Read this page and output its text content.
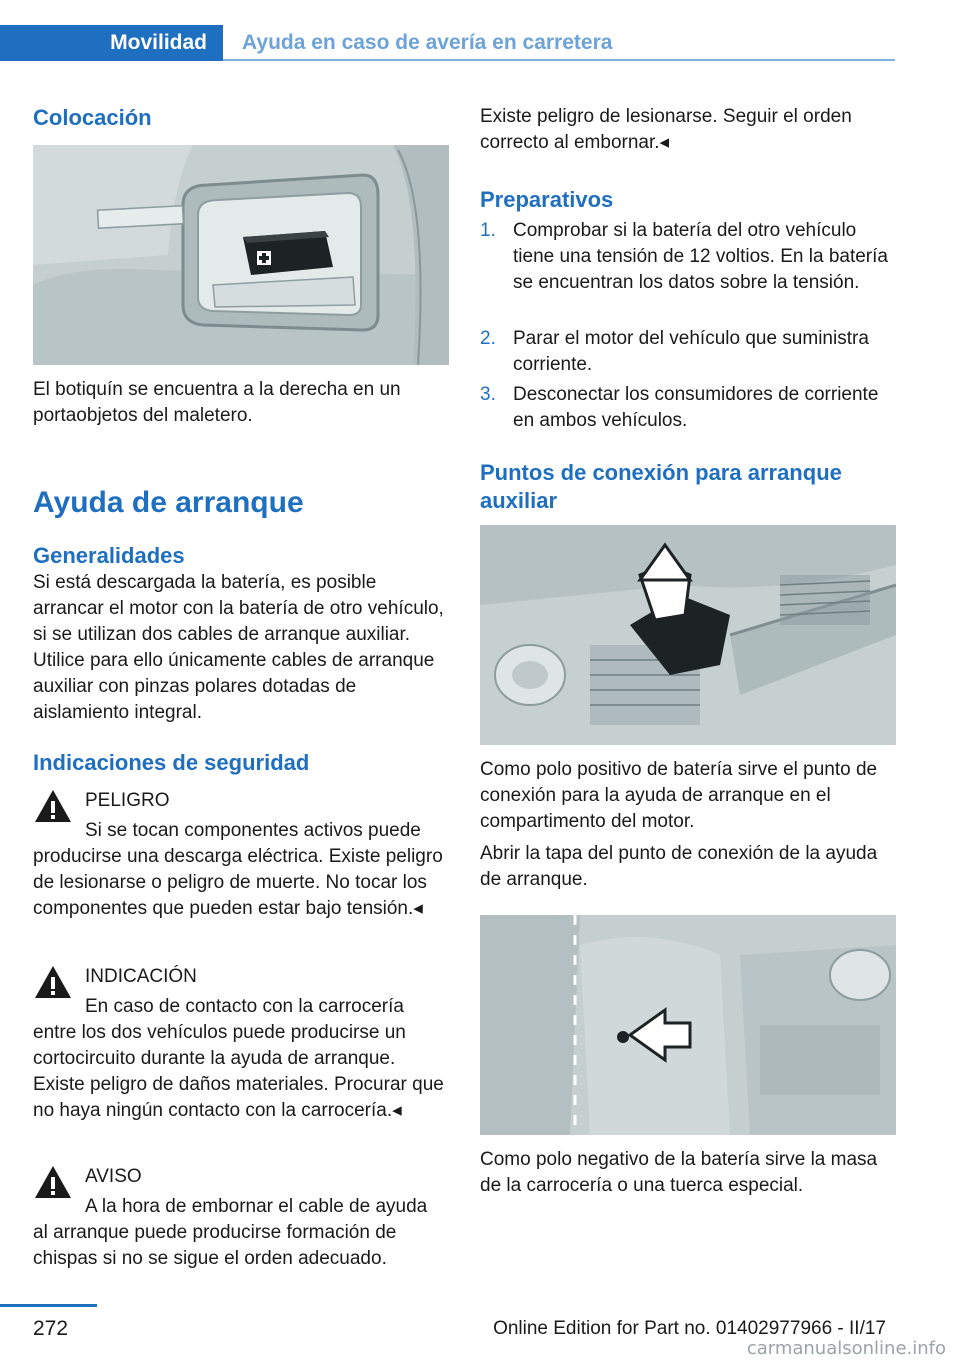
Movilidad	Ayuda en caso de avería en carretera
Colocación
El botiquín se encuentra a la derecha en un portaobjetos del maletero.
Ayuda de arranque
Generalidades
Si está descargada la batería, es posible arrancar el motor con la batería de otro vehículo, si se utilizan dos cables de arranque auxiliar. Utilice para ello únicamente cables de arranque auxiliar con pinzas polares dotadas de aislamiento integral.
Indicaciones de seguridad
PELIGRO
Si se tocan componentes activos puede
producirse una descarga eléctrica. Existe peligro de lesionarse o peligro de muerte. No tocar los componentes que pueden estar bajo tensión.◂
INDICACIÓN
En caso de contacto con la carrocería
entre los dos vehículos puede producirse un cortocircuito durante la ayuda de arranque. Existe peligro de daños materiales. Procurar que no haya ningún contacto con la carrocería.◂
AVISO
A la hora de embornar el cable de ayuda
al arranque puede producirse formación de chispas si no se sigue el orden adecuado.
Existe peligro de lesionarse. Seguir el orden correcto al embornar.◂
Preparativos
1. Comprobar si la batería del otro vehículo tiene una tensión de 12 voltios. En la batería se encuentran los datos sobre la tensión.
2. Parar el motor del vehículo que suministra corriente.
3. Desconectar los consumidores de corriente en ambos vehículos.
Puntos de conexión para arranque auxiliar
Como polo positivo de batería sirve el punto de conexión para la ayuda de arranque en el compartimento del motor.
Abrir la tapa del punto de conexión de la ayuda de arranque.
Como polo negativo de la batería sirve la masa de la carrocería o una tuerca especial.
272	Online Edition for Part no. 01402977966 - II/17
carmanualsonline.info
